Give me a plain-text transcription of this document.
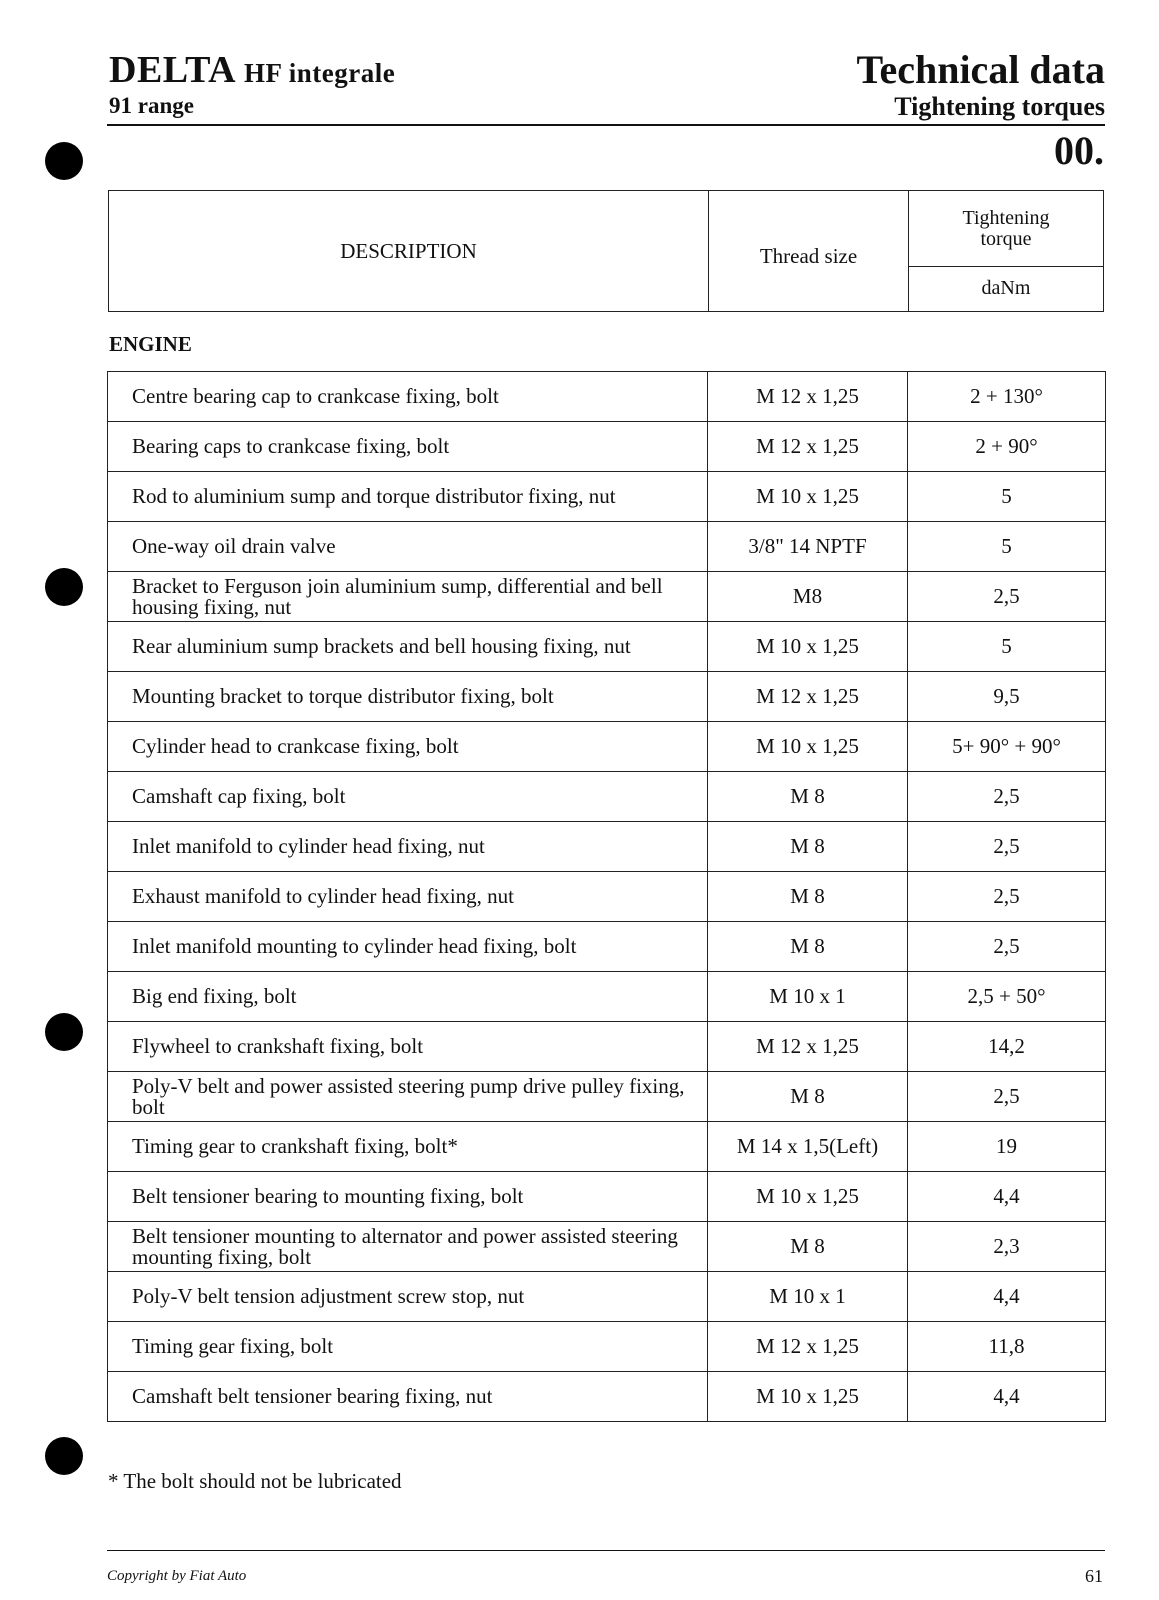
DELTA HF integrale
91 range
Technical data
Tightening torques
00.
DESCRIPTION	Thread size
Tightening torque
daNm
ENGINE
Centre bearing cap to crankcase fixing, bolt	M 12 x 1,25	2 + 130°
Bearing caps to crankcase fixing, bolt	M 12 x 1,25	2 + 90°
Rod to aluminium sump and torque distributor fixing, nut	M 10 x 1,25	5
One-way oil drain valve	3/8" 14 NPTF	5
Bracket to Ferguson join aluminium sump, differential and bell housing fixing, nut	M8	2,5
Rear aluminium sump brackets and bell housing fixing, nut	M 10 x 1,25	5
Mounting bracket to torque distributor fixing, bolt	M 12 x 1,25	9,5
Cylinder head to crankcase fixing, bolt	M 10 x 1,25	5+ 90° + 90°
Camshaft cap fixing, bolt	M 8	2,5
Inlet manifold to cylinder head fixing, nut	M 8	2,5
Exhaust manifold to cylinder head fixing, nut	M 8	2,5
Inlet manifold mounting to cylinder head fixing, bolt	M 8	2,5
Big end fixing, bolt	M 10 x 1	2,5 + 50°
Flywheel to crankshaft fixing, bolt	M 12 x 1,25	14,2
Poly-V belt and power assisted steering pump drive pulley fixing, bolt	M 8	2,5
Timing gear to crankshaft fixing, bolt*	M 14 x 1,5(Left)	19
Belt tensioner bearing to mounting fixing, bolt	M 10 x 1,25	4,4
Belt tensioner mounting to alternator and power assisted steering mounting fixing, bolt	M 8	2,3
Poly-V belt tension adjustment screw stop, nut	M 10 x 1	4,4
Timing gear fixing, bolt	M 12 x 1,25	11,8
Camshaft belt tensioner bearing fixing, nut	M 10 x 1,25	4,4
* The bolt should not be lubricated
Copyright by Fiat Auto	61
